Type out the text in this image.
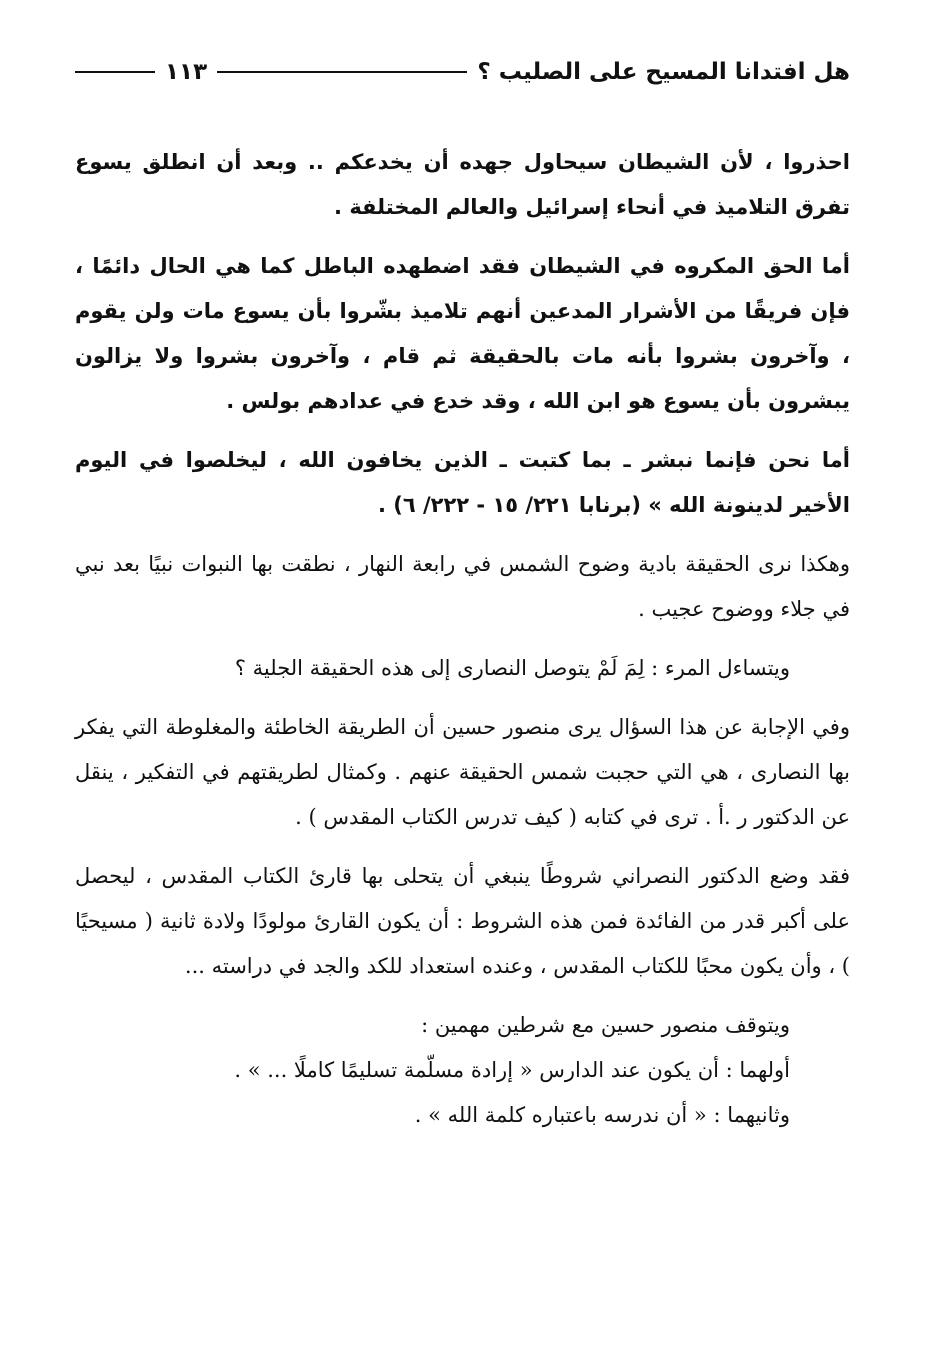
هل افتدانا المسيح على الصليب ؟
١١٣

احذروا ، لأن الشيطان سيحاول جهده أن يخدعكم .. وبعد أن انطلق يسوع تفرق التلاميذ في أنحاء إسرائيل والعالم المختلفة .

أما الحق المكروه في الشيطان فقد اضطهده الباطل كما هي الحال دائمًا ، فإن فريقًا من الأشرار المدعين أنهم تلاميذ بشّروا بأن يسوع مات ولن يقوم ، وآخرون بشروا بأنه مات بالحقيقة ثم قام ، وآخرون بشروا ولا يزالون يبشرون بأن يسوع هو ابن الله ، وقد خدع في عدادهم بولس .

أما نحن فإنما نبشر ـ بما كتبت ـ الذين يخافون الله ، ليخلصوا في اليوم الأخير لدينونة الله » (برنابا ٢٢١/ ١٥ - ٢٢٢/ ٦) .

وهكذا نرى الحقيقة بادية وضوح الشمس في رابعة النهار ، نطقت بها النبوات نبيًا بعد نبي في جلاء ووضوح عجيب .

ويتساءل المرء : لِمَ لَمْ يتوصل النصارى إلى هذه الحقيقة الجلية ؟

وفي الإجابة عن هذا السؤال يرى منصور حسين أن الطريقة الخاطئة والمغلوطة التي يفكر بها النصارى ، هي التي حجبت شمس الحقيقة عنهم . وكمثال لطريقتهم في التفكير ، ينقل عن الدكتور ر .أ . ترى في كتابه ( كيف تدرس الكتاب المقدس ) .

فقد وضع الدكتور النصراني شروطًا ينبغي أن يتحلى بها قارئ الكتاب المقدس ، ليحصل على أكبر قدر من الفائدة فمن هذه الشروط : أن يكون القارئ مولودًا ولادة ثانية ( مسيحيًا ) ، وأن يكون محبًا للكتاب المقدس ، وعنده استعداد للكد والجد في دراسته ...

ويتوقف منصور حسين مع شرطين مهمين :
أولهما : أن يكون عند الدارس « إرادة مسلّمة تسليمًا كاملًا ... » .
وثانيهما : « أن ندرسه باعتباره كلمة الله » .
